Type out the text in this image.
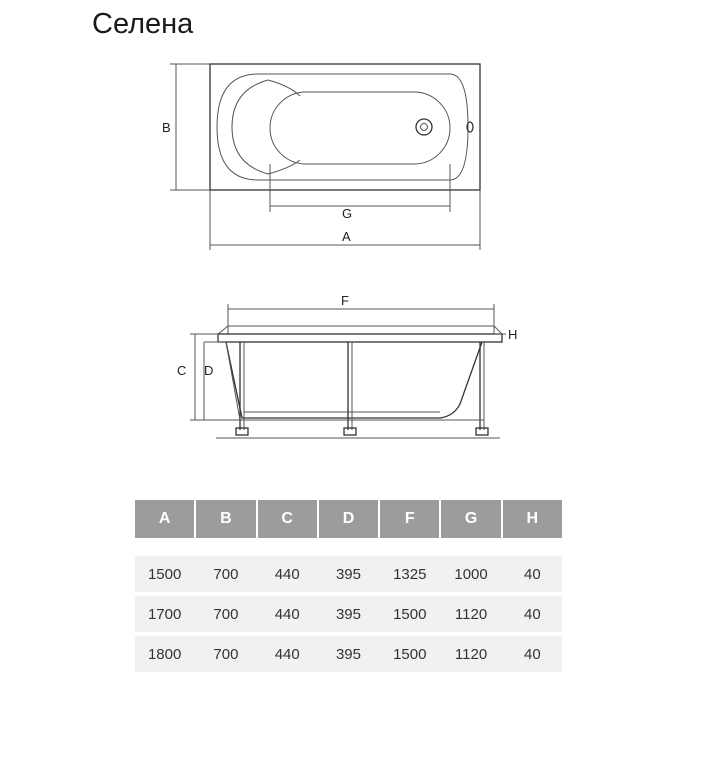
Селена
B
G
A
F
H
C D
A	B	C	D	F	G	H
1500	700	440	395	1325	1000	40
1700	700	440	395	1500	1120	40
1800	700	440	395	1500	1120	40
